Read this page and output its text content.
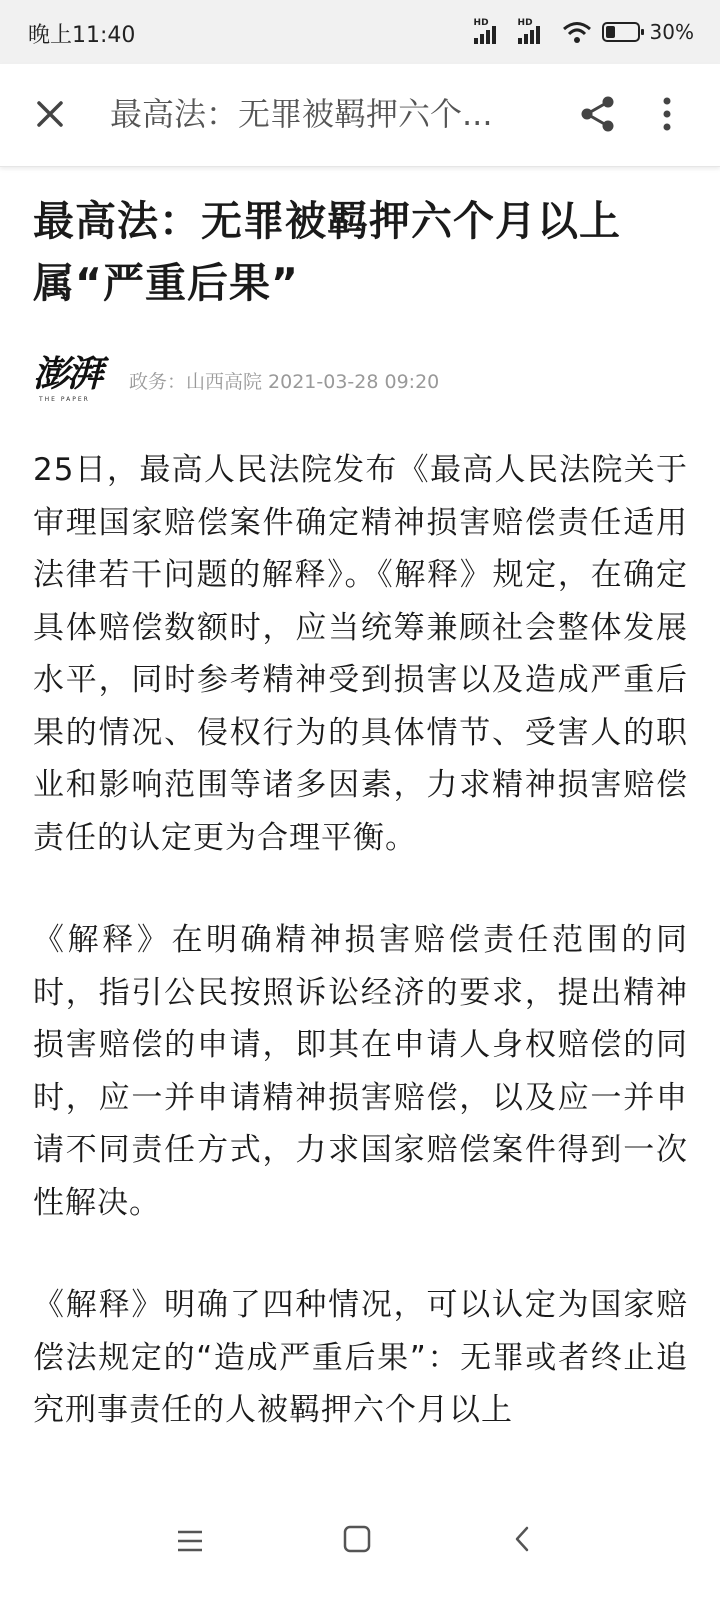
晚上11:40	HD	HD	30%
最高法：无罪被羁押六个...
最高法：无罪被羁押六个月以上属“严重后果”
澎湃
THE PAPER
政务：山西高院 2021-03-28 09:20

25日，最高人民法院发布《最高人民法院关于审理国家赔偿案件确定精神损害赔偿责任适用法律若干问题的解释》。《解释》规定，在确定具体赔偿数额时，应当统筹兼顾社会整体发展水平，同时参考精神受到损害以及造成严重后果的情况、侵权行为的具体情节、受害人的职业和影响范围等诸多因素，力求精神损害赔偿责任的认定更为合理平衡。

《解释》在明确精神损害赔偿责任范围的同时，指引公民按照诉讼经济的要求，提出精神损害赔偿的申请，即其在申请人身权赔偿的同时，应一并申请精神损害赔偿，以及应一并申请不同责任方式，力求国家赔偿案件得到一次性解决。

《解释》明确了四种情况，可以认定为国家赔偿法规定的“造成严重后果”：无罪或者终止追究刑事责任的人被羁押六个月以上
